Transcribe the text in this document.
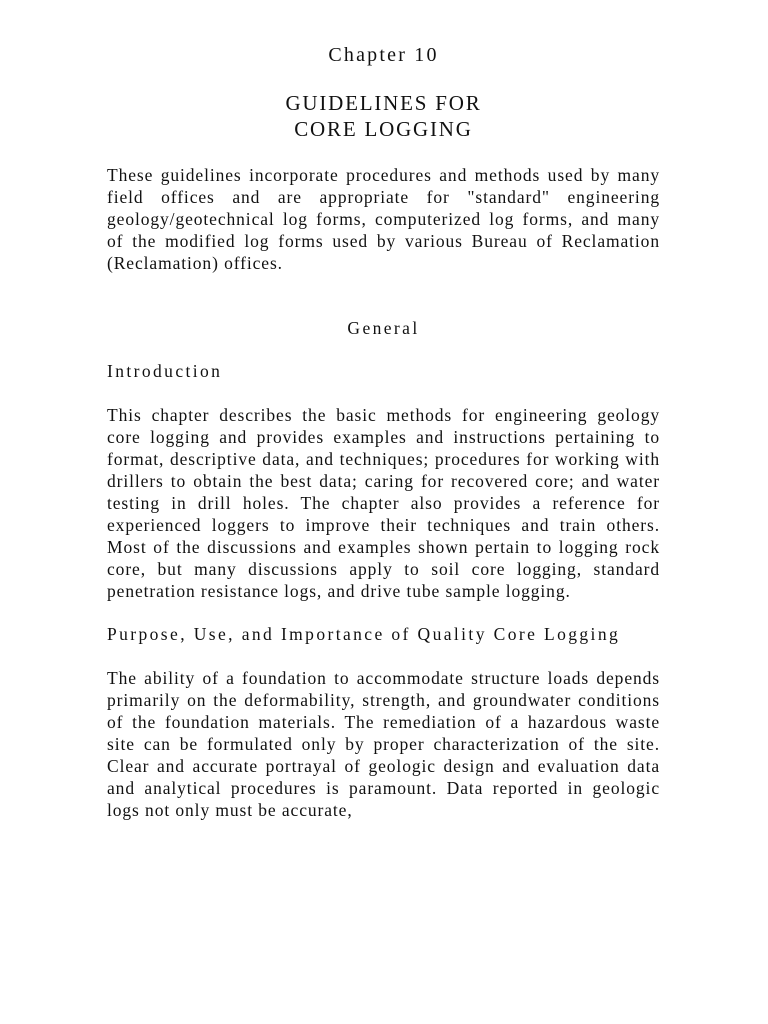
Chapter 10

GUIDELINES FOR
CORE LOGGING

These guidelines incorporate procedures and methods used by many field offices and are appropriate for "standard" engineering geology/geotechnical log forms, computerized log forms, and many of the modified log forms used by various Bureau of Reclamation (Reclamation) offices.

General
Introduction

This chapter describes the basic methods for engineering geology core logging and provides examples and instructions pertaining to format, descriptive data, and techniques; procedures for working with drillers to obtain the best data; caring for recovered core; and water testing in drill holes. The chapter also provides a reference for experienced loggers to improve their techniques and train others. Most of the discussions and examples shown pertain to logging rock core, but many discussions apply to soil core logging, standard penetration resistance logs, and drive tube sample logging.

Purpose, Use, and Importance of Quality Core Logging

The ability of a foundation to accommodate structure loads depends primarily on the deformability, strength, and groundwater conditions of the foundation materials. The remediation of a hazardous waste site can be formulated only by proper characterization of the site. Clear and accurate portrayal of geologic design and evaluation data and analytical procedures is paramount. Data reported in geologic logs not only must be accurate,
